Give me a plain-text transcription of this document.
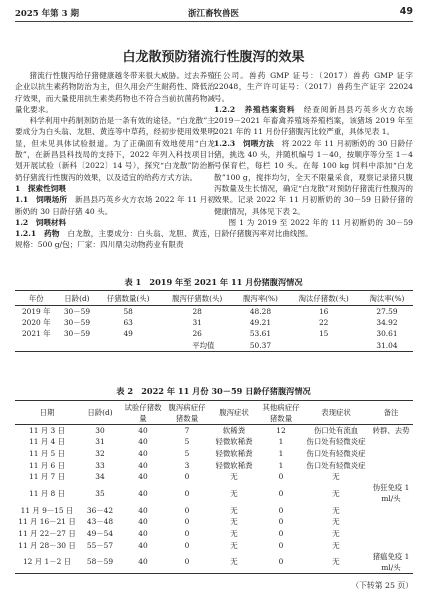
2025 年第 3 期	浙江畜牧兽医	49
白龙散预防猪流行性腹泻的效果

猪流行性腹泻给仔猪健康越冬带来很大威胁。过去养殖企业以抗生素药物防治为主，但久用会产生耐药性、降低治疗效果，而大量使用抗生素类药物也不符合当前抗菌药物减量化要求。

科学利用中药制剂防治是一条有效的途径。“白龙散”主要成分为白头翁、龙胆、黄连等中草药，经初步使用效果明显，但未见具体试验报道。为了正确面有效地使用“白龙散”，在新昌县科技局的支持下，2022 年列入科技项目计划开展试验（新科〔2022〕14 号），探究“白龙散”防治断奶仔猪流行性腹泻的效果，以及适宜的给药方式方法。

1　探索性饲喂

1.1　饲喂场所　 新昌县巧英乡火方农场 2022 年 11 月初断奶的 30 日龄仔猪 40 头。

1.2　饲喂材料

1.2.1　药物　 白龙散，主要成分：白头翁、龙胆、黄连，规格：500 g/包；厂家：四川鼎尖动物药业有限责

任公司。兽药 GMP 证号：（2017）兽药 GMP 证字 22048，生产许可证号：（2017）兽药生产证字 22024 号。

1.2.2　养殖档案资料　 经查阅新昌县巧英乡火方农场 2019－2021 年畜禽养殖场养殖档案，该猪场 2019 年至 2021 年的 11 月份仔猪腹泻比较严重，具体见表 1。

1.2.3　饲喂方法　 将 2022 年 11 月初断奶的 30 日龄仔猪，挑选 40 头，并随机编号 1－40，按顺序等分至 1－4 号保育栏，每栏 10 头。在每 100 kg 饲料中添加“白龙散”100 g，搅拌均匀，全天不限量采食，观察记录猪只腹泻数量及生长情况，确定“白龙散”对预防仔猪流行性腹泻的效果。记录 2022 年 11 月初断奶的 30－59 日龄仔猪的健康情况，具体见下表 2。

图 1 为 2019 至 2022 年的 11 月初断奶的 30－59 日龄仔猪腹泻率对比曲线图。

表 1　2019 年至 2021 年 11 月份猪腹泻情况
年份	日龄(d)	仔猪数量(头)	腹泻仔猪数(头)	腹泻率(%)	淘汰仔猪数(头)	淘汰率(%)
2019 年	30－59	58	28	48.28	16	27.59
2020 年	30－59	63	31	49.21	22	34.92
2021 年	30－59	49	26	53.61	15	30.61
平均值				50.37		31.04
表 2　2022 年 11 月份 30－59 日龄仔猪腹泻情况
日期	日龄(d)	试验仔猪数量	腹泻病症仔猪数量	腹泻症状	其他病症仔猪数量	表现症状	备注
11 月 3 日	30	40	7	软稀粪	12	伤口处有流血	转群、去势
11 月 4 日	31	40	5	轻微软稀粪	1	伤口处有轻微炎症	
11 月 5 日	32	40	5	轻微软稀粪	1	伤口处有轻微炎症	
11 月 6 日	33	40	3	轻微软稀粪	1	伤口处有轻微炎症	
11 月 7 日	34	40	0	无	0	无	
11 月 8 日	35	40	0	无	0	无	伪狂免疫 1 ml/头
11 月 9－15 日	36－42	40	0	无	0	无	
11 月 16－21 日	43－48	40	0	无	0	无	
11 月 22－27 日	49－54	40	0	无	0	无	
11 月 28－30 日	55－57	40	0	无	0	无	
12 月 1－2 日	58－59	40	0	无	0	无	猪瘟免疫 1 ml/头
（下转第 25 页）
